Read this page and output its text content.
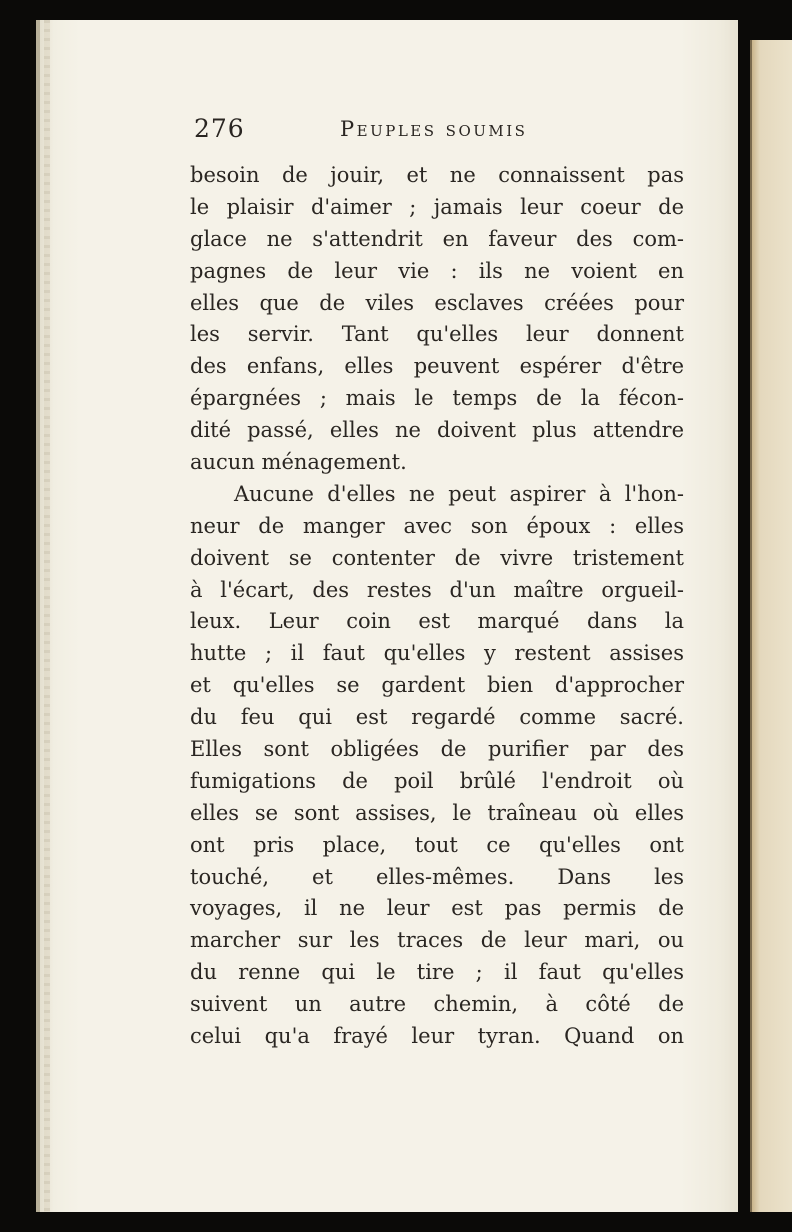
276	Peuples soumis
besoin de jouir, et ne connaissent pas
le plaisir d'aimer ; jamais leur coeur de
glace ne s'attendrit en faveur des com-
pagnes de leur vie : ils ne voient en
elles que de viles esclaves créées pour
les servir. Tant qu'elles leur donnent
des enfans, elles peuvent espérer d'être
épargnées ; mais le temps de la fécon-
dité passé, elles ne doivent plus attendre
aucun ménagement.
Aucune d'elles ne peut aspirer à l'hon-
neur de manger avec son époux : elles
doivent se contenter de vivre tristement
à l'écart, des restes d'un maître orgueil-
leux. Leur coin est marqué dans la
hutte ; il faut qu'elles y restent assises
et qu'elles se gardent bien d'approcher
du feu qui est regardé comme sacré.
Elles sont obligées de purifier par des
fumigations de poil brûlé l'endroit où
elles se sont assises, le traîneau où elles
ont pris place, tout ce qu'elles ont
touché, et elles-mêmes. Dans les
voyages, il ne leur est pas permis de
marcher sur les traces de leur mari, ou
du renne qui le tire ; il faut qu'elles
suivent un autre chemin, à côté de
celui qu'a frayé leur tyran. Quand on
